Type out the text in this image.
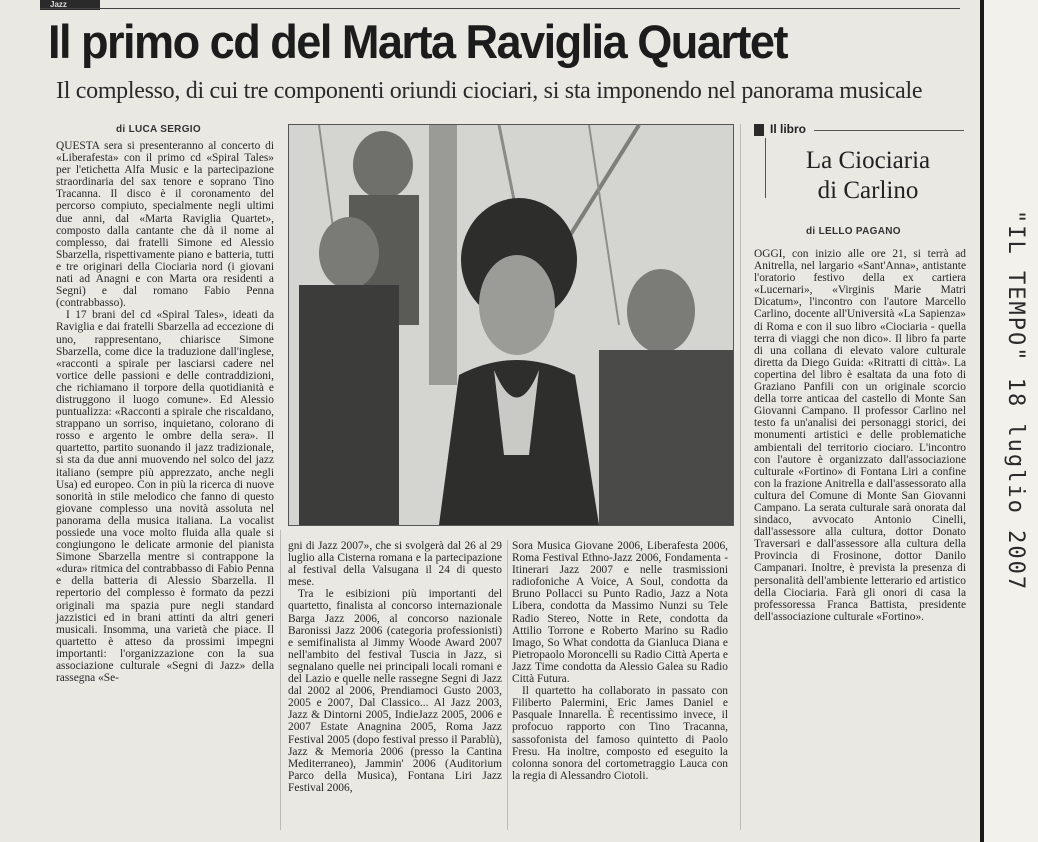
Jazz
Il primo cd del Marta Raviglia Quartet
Il complesso, di cui tre componenti oriundi ciociari, si sta imponendo nel panorama musicale
di LUCA SERGIO

QUESTA sera si presenteranno al concerto di «Liberafesta» con il primo cd «Spiral Tales» per l'etichetta Alfa Music e la partecipazione straordinaria del sax tenore e soprano Tino Tracanna. Il disco è il coronamento del percorso compiuto, specialmente negli ultimi due anni, dal «Marta Raviglia Quartet», composto dalla cantante che dà il nome al complesso, dai fratelli Simone ed Alessio Sbarzella, rispettivamente piano e batteria, tutti e tre originari della Ciociaria nord (i giovani nati ad Anagni e con Marta ora residenti a Segni) e dal romano Fabio Penna (contrabbasso).

I 17 brani del cd «Spiral Tales», ideati da Raviglia e dai fratelli Sbarzella ad eccezione di uno, rappresentano, chiarisce Simone Sbarzella, come dice la traduzione dall'inglese, «racconti a spirale per lasciarsi cadere nel vortice delle passioni e delle contraddizioni, che richiamano il torpore della quotidianità e distruggono il luogo comune». Ed Alessio puntualizza: «Racconti a spirale che riscaldano, strappano un sorriso, inquietano, colorano di rosso e argento le ombre della sera». Il quartetto, partito suonando il jazz tradizionale, si sta da due anni muovendo nel solco del jazz italiano (sempre più apprezzato, anche negli Usa) ed europeo. Con in più la ricerca di nuove sonorità in stile melodico che fanno di questo giovane complesso una novità assoluta nel panorama della musica italiana. La vocalist possiede una voce molto fluida alla quale si congiungono le delicate armonie del pianista Simone Sbarzella mentre si contrappone la «dura» ritmica del contrabbasso di Fabio Penna e della batteria di Alessio Sbarzella. Il repertorio del complesso è formato da pezzi originali ma spazia pure negli standard jazzistici ed in brani attinti da altri generi musicali. Insomma, una varietà che piace. Il quartetto è atteso da prossimi impegni importanti: l'organizzazione con la sua associazione culturale «Segni di Jazz» della rassegna «Se-

gni di Jazz 2007», che si svolgerà dal 26 al 29 luglio alla Cisterna romana e la partecipazione al festival della Valsugana il 24 di questo mese.

Tra le esibizioni più importanti del quartetto, finalista al concorso internazionale Barga Jazz 2006, al concorso nazionale Baronissi Jazz 2006 (categoria professionisti) e semifinalista al Jimmy Woode Award 2007 nell'ambito del festival Tuscia in Jazz, si segnalano quelle nei principali locali romani e del Lazio e quelle nelle rassegne Segni di Jazz dal 2002 al 2006, Prendiamoci Gusto 2003, 2005 e 2007, Dal Classico... Al Jazz 2003, Jazz & Dintorni 2005, IndieJazz 2005, 2006 e 2007 Estate Anagnina 2005, Roma Jazz Festival 2005 (dopo festival presso il Parablù), Jazz & Memoria 2006 (presso la Cantina Mediterraneo), Jammin' 2006 (Auditorium Parco della Musica), Fontana Liri Jazz Festival 2006,

Sora Musica Giovane 2006, Liberafesta 2006, Roma Festival Ethno-Jazz 2006, Fondamenta - Itinerari Jazz 2007 e nelle trasmissioni radiofoniche A Voice, A Soul, condotta da Bruno Pollacci su Punto Radio, Jazz a Nota Libera, condotta da Massimo Nunzi su Tele Radio Stereo, Notte in Rete, condotta da Attilio Torrone e Roberto Marino su Radio Imago, So What condotta da Gianluca Diana e Pietropaolo Moroncelli su Radio Città Aperta e Jazz Time condotta da Alessio Galea su Radio Città Futura.

Il quartetto ha collaborato in passato con Filiberto Palermini, Eric James Daniel e Pasquale Innarella. È recentissimo invece, il profocuo rapporto con Tino Tracanna, sassofonista del famoso quintetto di Paolo Fresu. Ha inoltre, composto ed eseguito la colonna sonora del cortometraggio Lauca con la regia di Alessandro Ciotoli.

Il libro
La Ciociaria
di Carlino
di LELLO PAGANO

OGGI, con inizio alle ore 21, si terrà ad Anitrella, nel largario «Sant'Anna», antistante l'oratorio festivo della ex cartiera «Lucernari», «Virginis Marie Matri Dicatum», l'incontro con l'autore Marcello Carlino, docente all'Università «La Sapienza» di Roma e con il suo libro «Ciociaria - quella terra di viaggi che non dico». Il libro fa parte di una collana di elevato valore culturale diretta da Diego Guida: «Ritratti di città». La copertina del libro è esaltata da una foto di Graziano Panfili con un originale scorcio della torre anticaa del castello di Monte San Giovanni Campano. Il professor Carlino nel testo fa un'analisi dei personaggi storici, dei monumenti artistici e delle problematiche ambientali del territorio ciociaro. L'incontro con l'autore è organizzato dall'associazione culturale «Fortino» di Fontana Liri a confine con la frazione Anitrella e dall'assessorato alla cultura del Comune di Monte San Giovanni Campano. La serata culturale sarà onorata dal sindaco, avvocato Antonio Cinelli, dall'assessore alla cultura, dottor Donato Traversari e dall'assessore alla cultura della Provincia di Frosinone, dottor Danilo Campanari. Inoltre, è prevista la presenza di personalità dell'ambiente letterario ed artistico della Ciociaria. Farà gli onori di casa la professoressa Franca Battista, presidente dell'associazione culturale «Fortino».

"IL TEMPO" 18 luglio 2007
